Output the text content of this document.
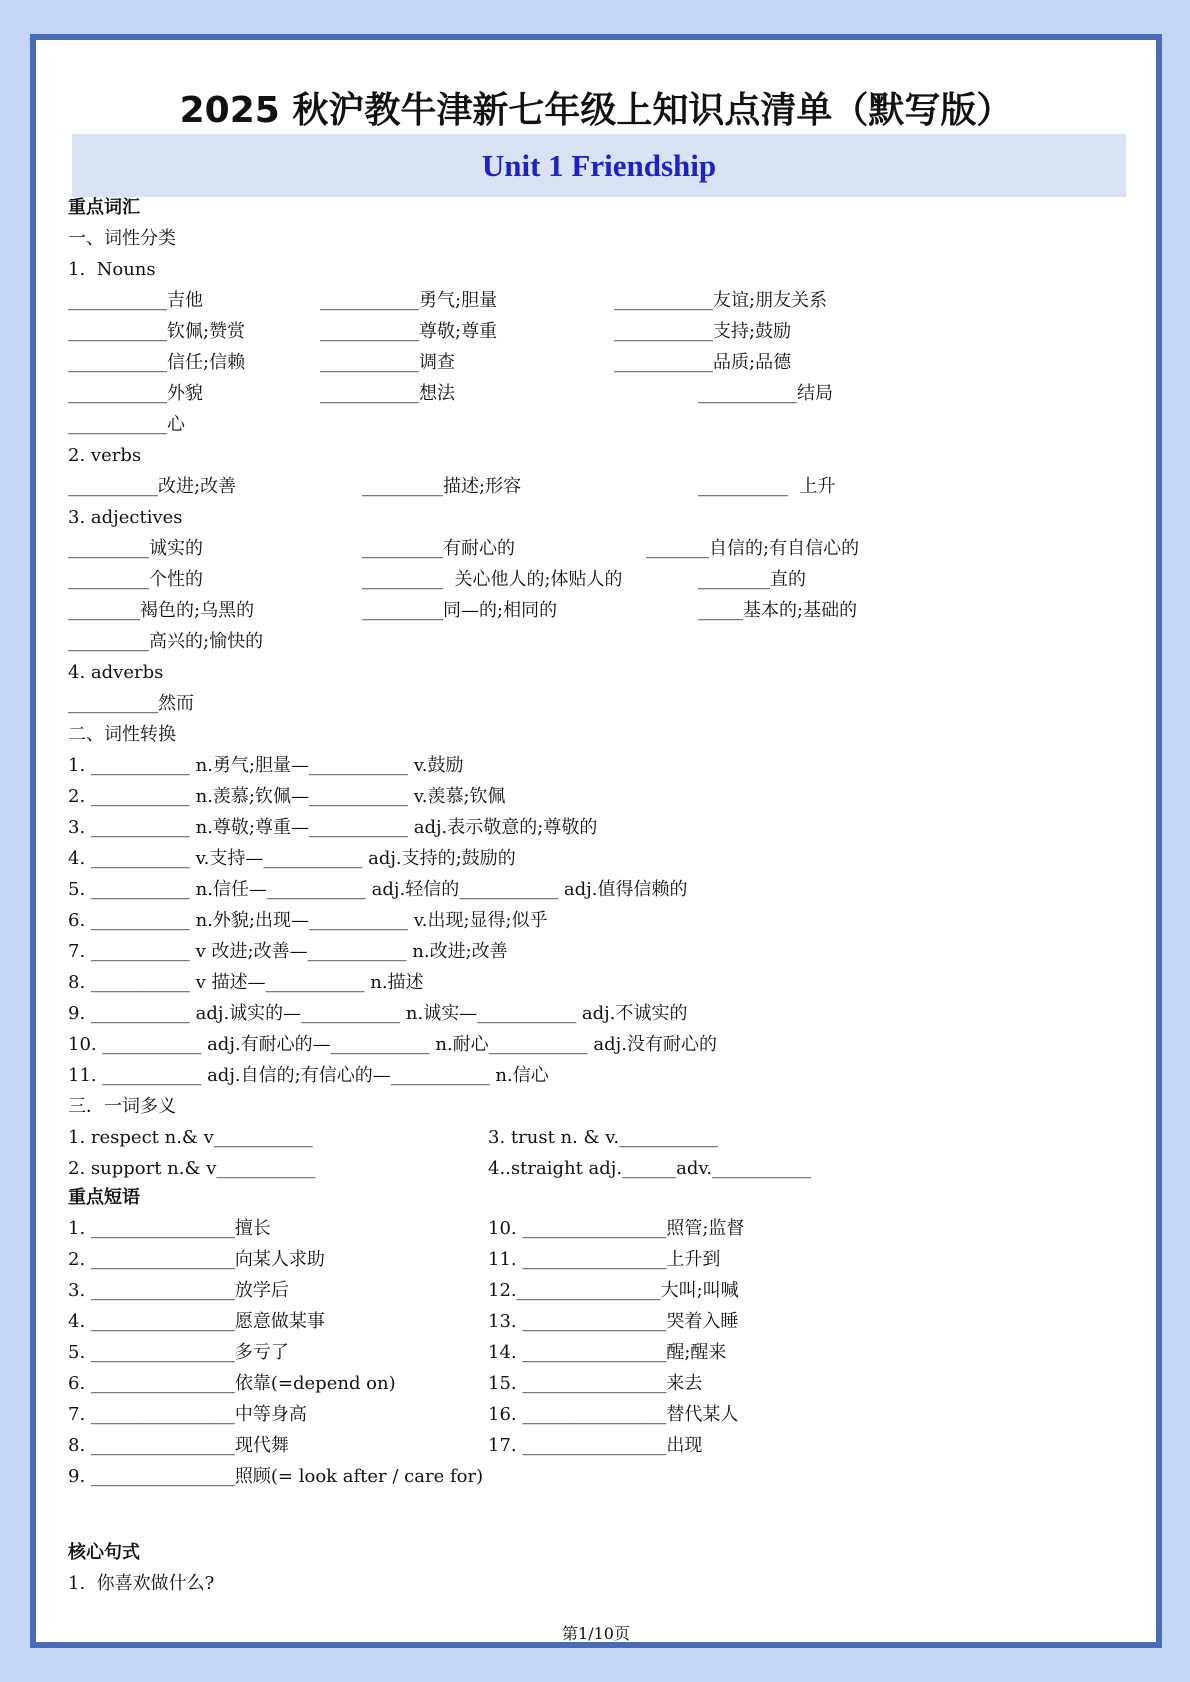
2025 秋沪教牛津新七年级上知识点清单（默写版）
Unit 1 Friendship
重点词汇
一、词性分类
1.  Nouns
___________吉他	___________勇气;胆量	___________友谊;朋友关系
___________钦佩;赞赏	___________尊敬;尊重	___________支持;鼓励
___________信任;信赖	___________调查	___________品质;品德
___________外貌	___________想法	___________结局
___________心
2. verbs
__________改进;改善	_________描述;形容	__________  上升
3. adjectives
_________诚实的	_________有耐心的	_______自信的;有自信心的
_________个性的	_________  关心他人的;体贴人的	________直的
________褐色的;乌黑的	_________同—的;相同的	_____基本的;基础的
_________高兴的;愉快的
4. adverbs
__________然而
二、词性转换
1. ___________ n.勇气;胆量—___________ v.鼓励
2. ___________ n.羡慕;钦佩—___________ v.羡慕;钦佩
3. ___________ n.尊敬;尊重—___________ adj.表示敬意的;尊敬的
4. ___________ v.支持—___________ adj.支持的;鼓励的
5. ___________ n.信任—___________ adj.轻信的___________ adj.值得信赖的
6. ___________ n.外貌;出现—___________ v.出现;显得;似乎
7. ___________ v 改进;改善—___________ n.改进;改善
8. ___________ v 描述—___________ n.描述
9. ___________ adj.诚实的—___________ n.诚实—___________ adj.不诚实的
10. ___________ adj.有耐心的—___________ n.耐心___________ adj.没有耐心的
11. ___________ adj.自信的;有信心的—___________ n.信心
三．一词多义
1. respect n.& v___________	3. trust n. & v.___________
2. support n.& v___________	4..straight adj.______adv.___________
重点短语
1. ________________擅长
2. ________________向某人求助
3. ________________放学后
4. ________________愿意做某事
5. ________________多亏了
6. ________________依靠(=depend on)
7. ________________中等身高
8. ________________现代舞
9. ________________照顾(= look after / care for)
10. ________________照管;监督
11. ________________上升到
12.________________大叫;叫喊
13. ________________哭着入睡
14. ________________醒;醒来
15. ________________来去
16. ________________替代某人
17. ________________出现
核心句式
1.  你喜欢做什么?
第1/10页
